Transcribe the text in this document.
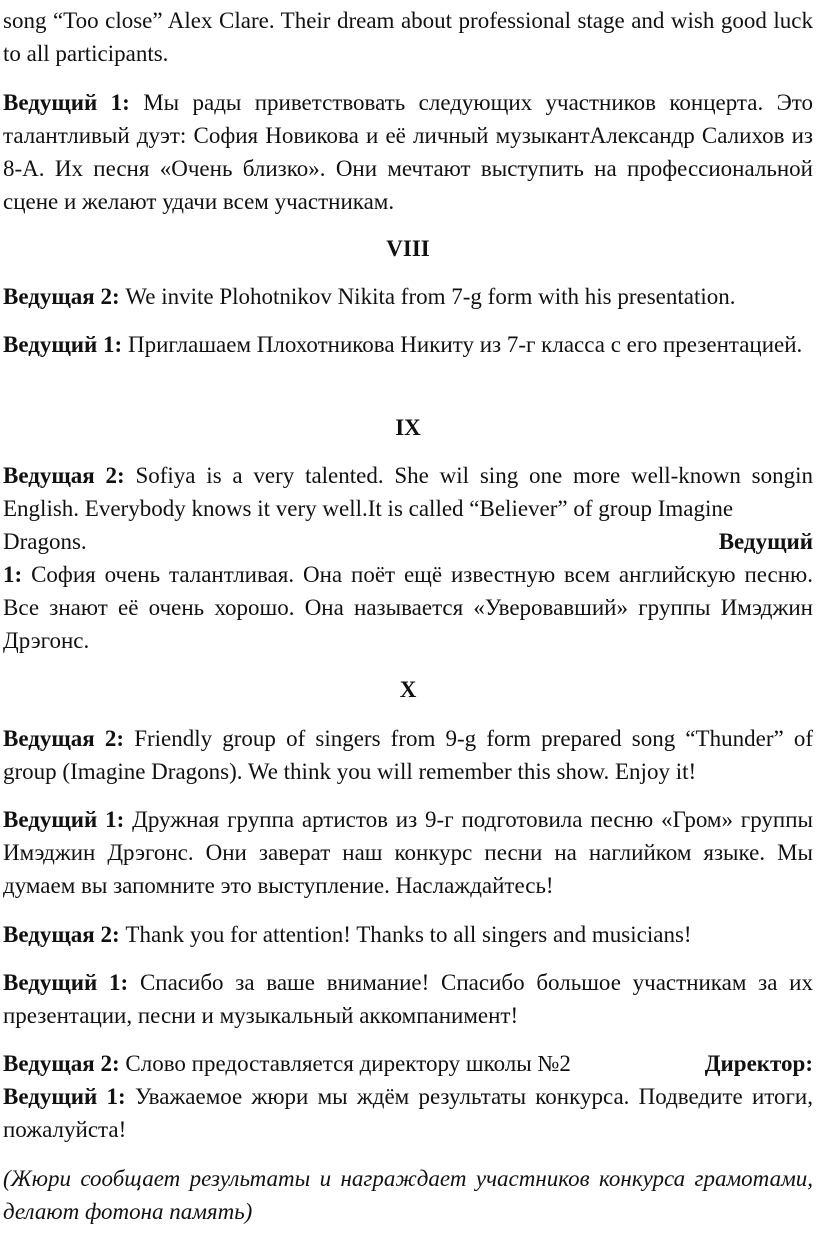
song “Too close” Alex Clare. Their dream about professional stage and wish good luck to all participants.

Ведущий 1: Мы рады приветствовать следующих участников концерта. Это талантливый дуэт: София Новикова и её личный музыкантАлександр Салихов из 8-А. Их песня «Очень близко». Они мечтают выступить на профессиональной сцене и желают удачи всем участникам.

VIII

Ведущая 2: We invite Plohotnikov Nikita from 7-g form with his presentation.

Ведущий 1: Приглашаем Плохотникова Никиту из 7-г класса с его презентацией.

IX

Ведущая 2: Sofiya is a very talented. She wil sing one more well-known songin English. Everybody knows it very well.It is called “Believer” of group Imagine

Dragons.	Ведущий

1: София очень талантливая. Она поёт ещё известную всем английскую песню. Все знают её очень хорошо. Она называется «Уверовавший» группы Имэджин Дрэгонс.

X

Ведущая 2: Friendly group of singers from 9-g form prepared song “Thunder” of group (Imagine Dragons). We think you will remember this show. Enjoy it!

Ведущий 1: Дружная группа артистов из 9-г подготовила песню «Гром» группы Имэджин Дрэгонс. Они заверат наш конкурс песни на наглийком языке. Мы думаем вы запомните это выступление. Наслаждайтесь!

Ведущая 2: Thank you for attention! Thanks to all singers and musicians!

Ведущий 1: Спасибо за ваше внимание! Спасибо большое участникам за их презентации, песни и музыкальный аккомпанимент!

Ведущая 2: Слово предоставляется директору школы №2	Директор:

Ведущий 1: Уважаемое жюри мы ждём результаты конкурса. Подведите итоги, пожалуйста!

(Жюри сообщает результаты и награждает участников конкурса грамотами, делают фотона память)
